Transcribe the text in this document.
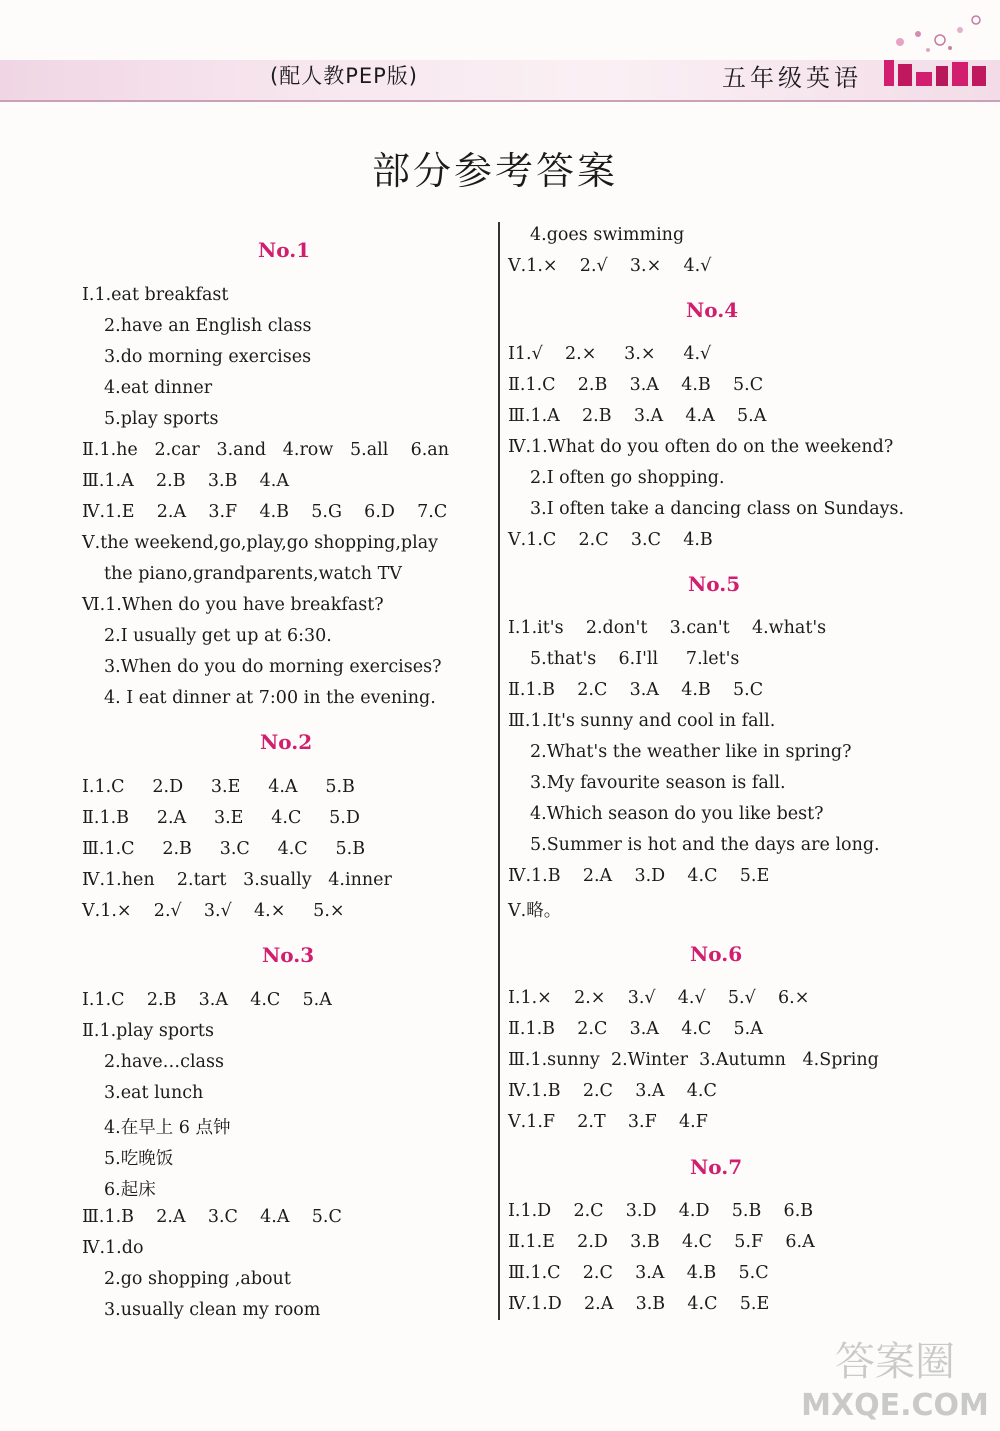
(配人教PEP版)	五年级英语
部分参考答案
No.1
Ⅰ.1.eat breakfast
2.have an English class
3.do morning exercises
4.eat dinner
5.play sports
Ⅱ.1.he   2.car   3.and   4.row   5.all    6.an
Ⅲ.1.A    2.B    3.B    4.A
Ⅳ.1.E    2.A    3.F    4.B    5.G    6.D    7.C
Ⅴ.the weekend,go,play,go shopping,play
the piano,grandparents,watch TV
Ⅵ.1.When do you have breakfast?
2.I usually get up at 6:30.
3.When do you do morning exercises?
4. I eat dinner at 7:00 in the evening.
No.2
Ⅰ.1.C     2.D     3.E     4.A     5.B
Ⅱ.1.B     2.A     3.E     4.C     5.D
Ⅲ.1.C     2.B     3.C     4.C     5.B
Ⅳ.1.hen    2.tart   3.sually   4.inner
Ⅴ.1.×    2.√    3.√    4.×     5.×
No.3
Ⅰ.1.C    2.B    3.A    4.C    5.A
Ⅱ.1.play sports
2.have…class
3.eat lunch
4.在早上 6 点钟
5.吃晚饭
6.起床
Ⅲ.1.B    2.A    3.C    4.A    5.C
Ⅳ.1.do
2.go shopping ,about
3.usually clean my room
4.goes swimming
Ⅴ.1.×    2.√    3.×    4.√
No.4
Ⅰ1.√    2.×     3.×     4.√
Ⅱ.1.C    2.B    3.A    4.B    5.C
Ⅲ.1.A    2.B    3.A    4.A    5.A
Ⅳ.1.What do you often do on the weekend?
2.I often go shopping.
3.I often take a dancing class on Sundays.
Ⅴ.1.C    2.C    3.C    4.B
No.5
Ⅰ.1.it's    2.don't    3.can't    4.what's
5.that's    6.I'll     7.let's
Ⅱ.1.B    2.C    3.A    4.B    5.C
Ⅲ.1.It's sunny and cool in fall.
2.What's the weather like in spring?
3.My favourite season is fall.
4.Which season do you like best?
5.Summer is hot and the days are long.
Ⅳ.1.B    2.A    3.D    4.C    5.E
Ⅴ.略。
No.6
Ⅰ.1.×    2.×    3.√    4.√    5.√    6.×
Ⅱ.1.B    2.C    3.A    4.C    5.A
Ⅲ.1.sunny  2.Winter  3.Autumn   4.Spring
Ⅳ.1.B    2.C    3.A    4.C
Ⅴ.1.F    2.T    3.F    4.F
No.7
Ⅰ.1.D    2.C    3.D    4.D    5.B    6.B
Ⅱ.1.E    2.D    3.B    4.C    5.F    6.A
Ⅲ.1.C    2.C    3.A    4.B    5.C
Ⅳ.1.D    2.A    3.B    4.C    5.E
答案圈
MXQE.COM
